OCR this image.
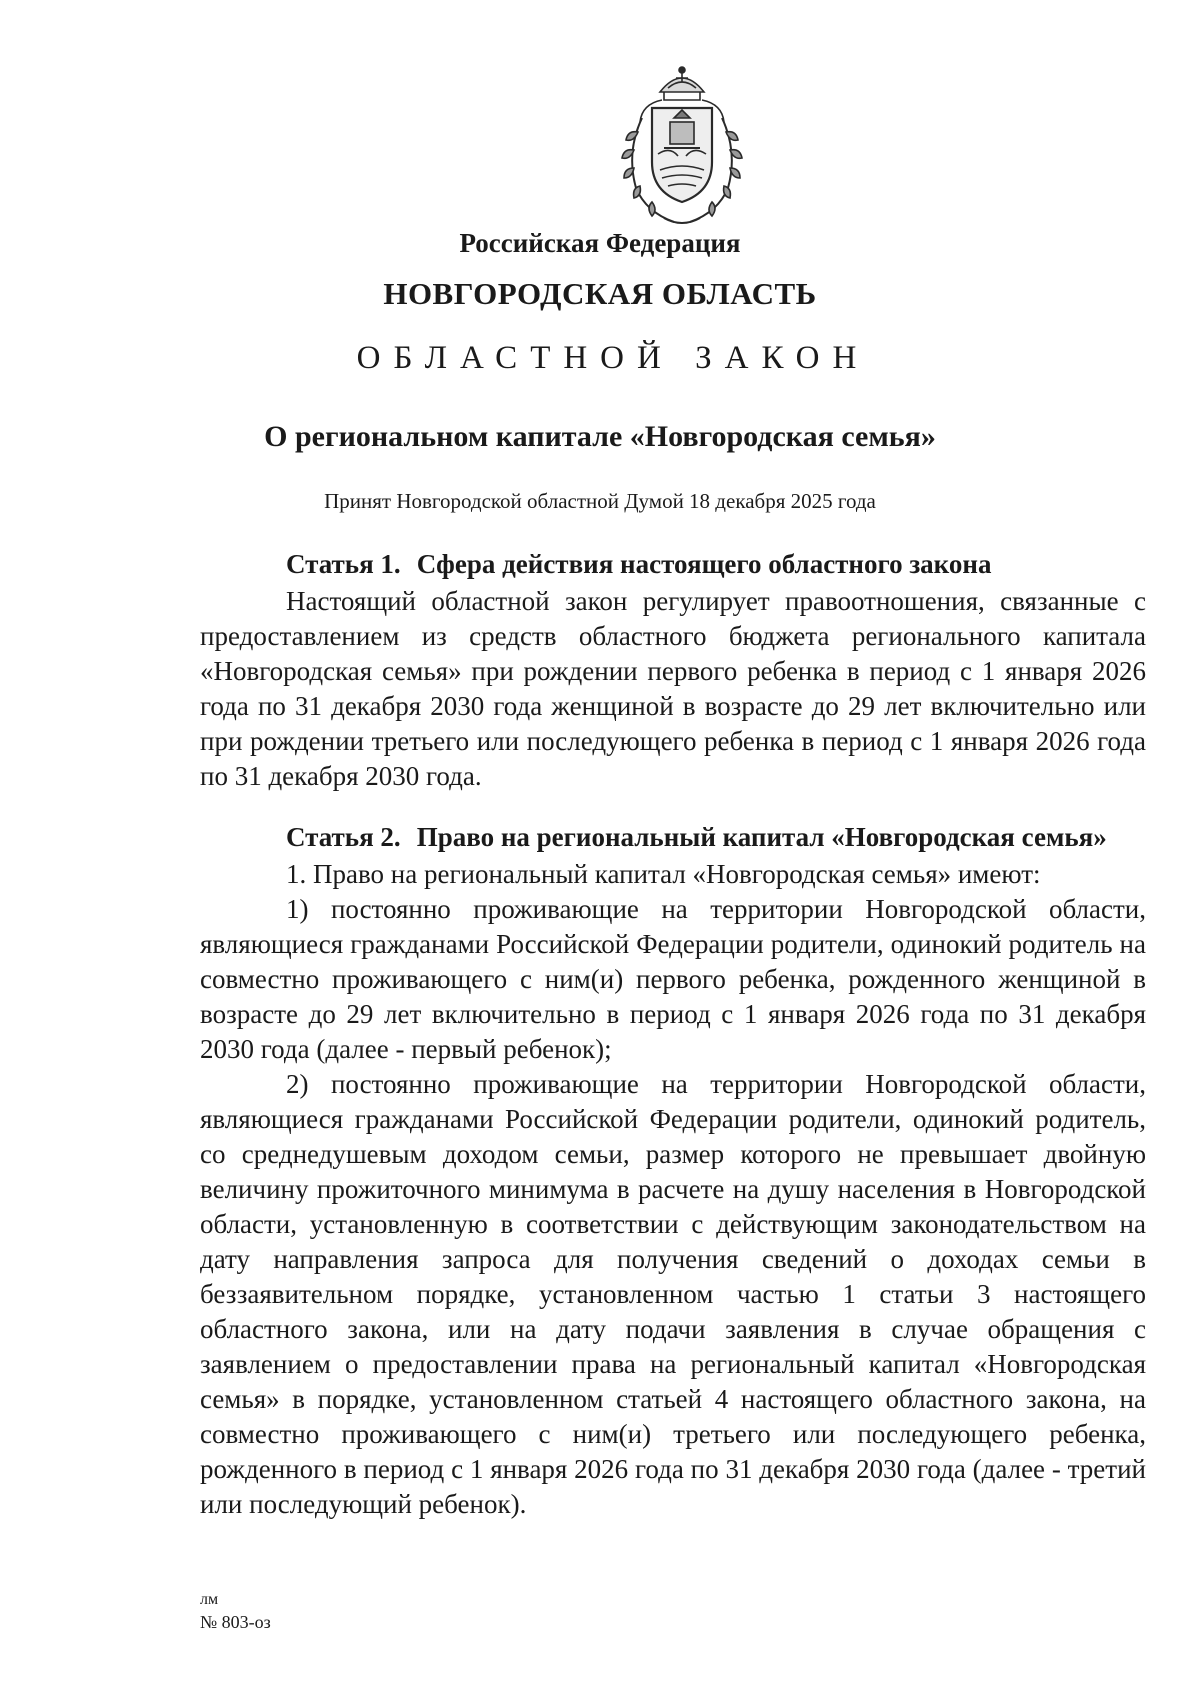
Российская Федерация
НОВГОРОДСКАЯ ОБЛАСТЬ
ОБЛАСТНОЙ ЗАКОН
О региональном капитале «Новгородская семья»
Принят Новгородской областной Думой 18 декабря 2025 года
Статья 1. Сфера действия настоящего областного закона

Настоящий областной закон регулирует правоотношения, связанные с предоставлением из средств областного бюджета регионального капитала «Новгородская семья» при рождении первого ребенка в период с 1 января 2026 года по 31 декабря 2030 года женщиной в возрасте до 29 лет включительно или при рождении третьего или последующего ребенка в период с 1 января 2026 года по 31 декабря 2030 года.

Статья 2. Право на региональный капитал «Новгородская семья»

1. Право на региональный капитал «Новгородская семья» имеют:

1) постоянно проживающие на территории Новгородской области, являющиеся гражданами Российской Федерации родители, одинокий родитель на совместно проживающего с ним(и) первого ребенка, рожденного женщиной в возрасте до 29 лет включительно в период с 1 января 2026 года по 31 декабря 2030 года (далее - первый ребенок);

2) постоянно проживающие на территории Новгородской области, являющиеся гражданами Российской Федерации родители, одинокий родитель, со среднедушевым доходом семьи, размер которого не превышает двойную величину прожиточного минимума в расчете на душу населения в Новгородской области, установленную в соответствии с действующим законодательством на дату направления запроса для получения сведений о доходах семьи в беззаявительном порядке, установленном частью 1 статьи 3 настоящего областного закона, или на дату подачи заявления в случае обращения с заявлением о предоставлении права на региональный капитал «Новгородская семья» в порядке, установленном статьей 4 настоящего областного закона, на совместно проживающего с ним(и) третьего или последующего ребенка, рожденного в период с 1 января 2026 года по 31 декабря 2030 года (далее - третий или последующий ребенок).

лм
№ 803-оз
